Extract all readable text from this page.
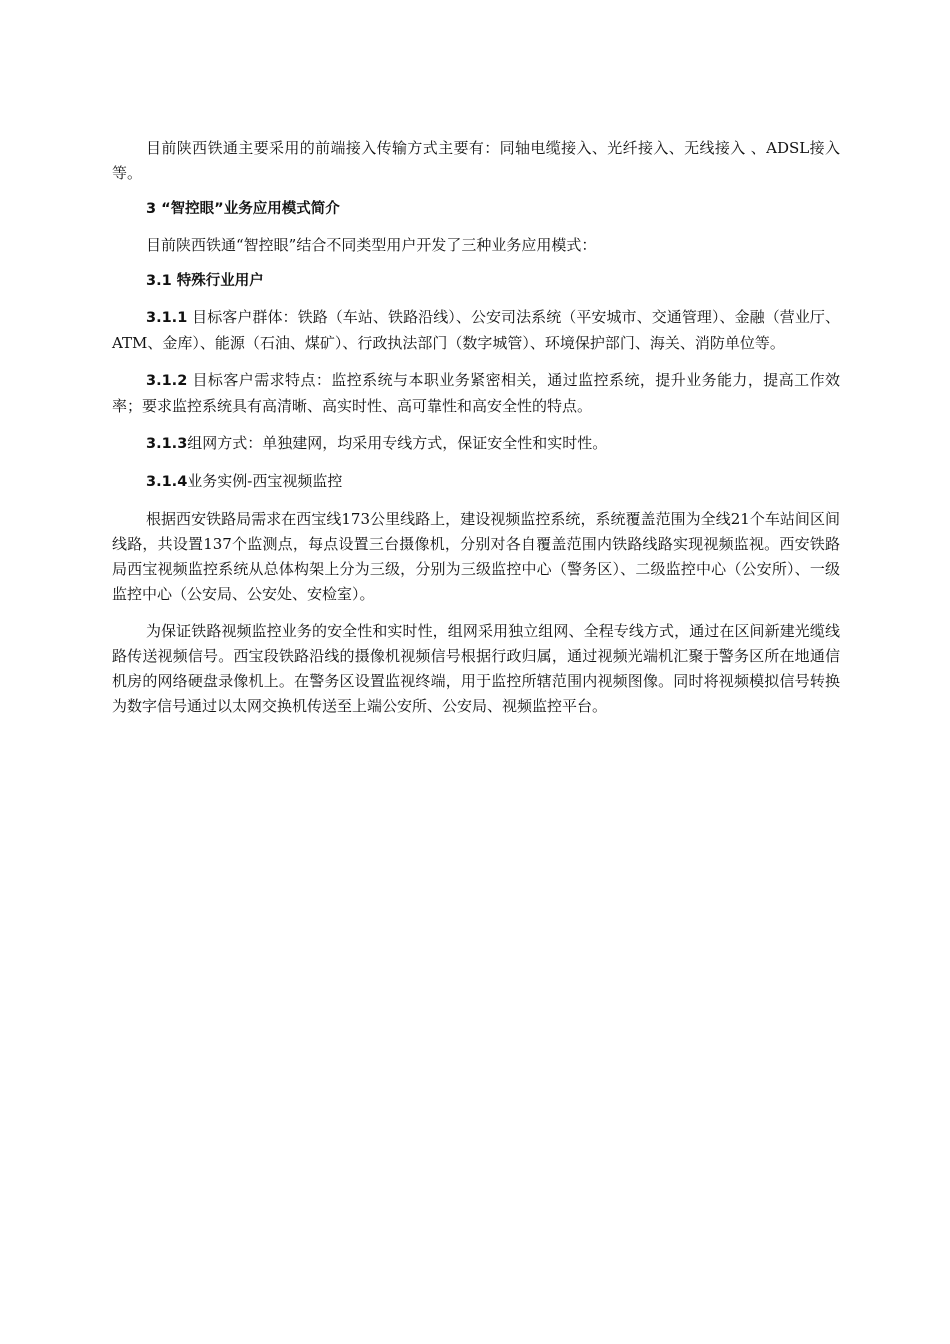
目前陕西铁通主要采用的前端接入传输方式主要有：同轴电缆接入、光纤接入、无线接入 、ADSL接入等。

3 “智控眼”业务应用模式简介

目前陕西铁通“智控眼”结合不同类型用户开发了三种业务应用模式：

3.1 特殊行业用户

3.1.1 目标客户群体：铁路（车站、铁路沿线）、公安司法系统（平安城市、交通管理）、金融（营业厅、ATM、金库）、能源（石油、煤矿）、行政执法部门（数字城管）、环境保护部门、海关、消防单位等。

3.1.2 目标客户需求特点：监控系统与本职业务紧密相关，通过监控系统，提升业务能力，提高工作效率；要求监控系统具有高清晰、高实时性、高可靠性和高安全性的特点。

3.1.3组网方式：单独建网，均采用专线方式，保证安全性和实时性。

3.1.4业务实例-西宝视频监控

根据西安铁路局需求在西宝线173公里线路上，建设视频监控系统，系统覆盖范围为全线21个车站间区间线路，共设置137个监测点，每点设置三台摄像机，分别对各自覆盖范围内铁路线路实现视频监视。西安铁路局西宝视频监控系统从总体构架上分为三级，分别为三级监控中心（警务区）、二级监控中心（公安所）、一级监控中心（公安局、公安处、安检室）。

为保证铁路视频监控业务的安全性和实时性，组网采用独立组网、全程专线方式，通过在区间新建光缆线路传送视频信号。西宝段铁路沿线的摄像机视频信号根据行政归属，通过视频光端机汇聚于警务区所在地通信机房的网络硬盘录像机上。在警务区设置监视终端，用于监控所辖范围内视频图像。同时将视频模拟信号转换为数字信号通过以太网交换机传送至上端公安所、公安局、视频监控平台。
